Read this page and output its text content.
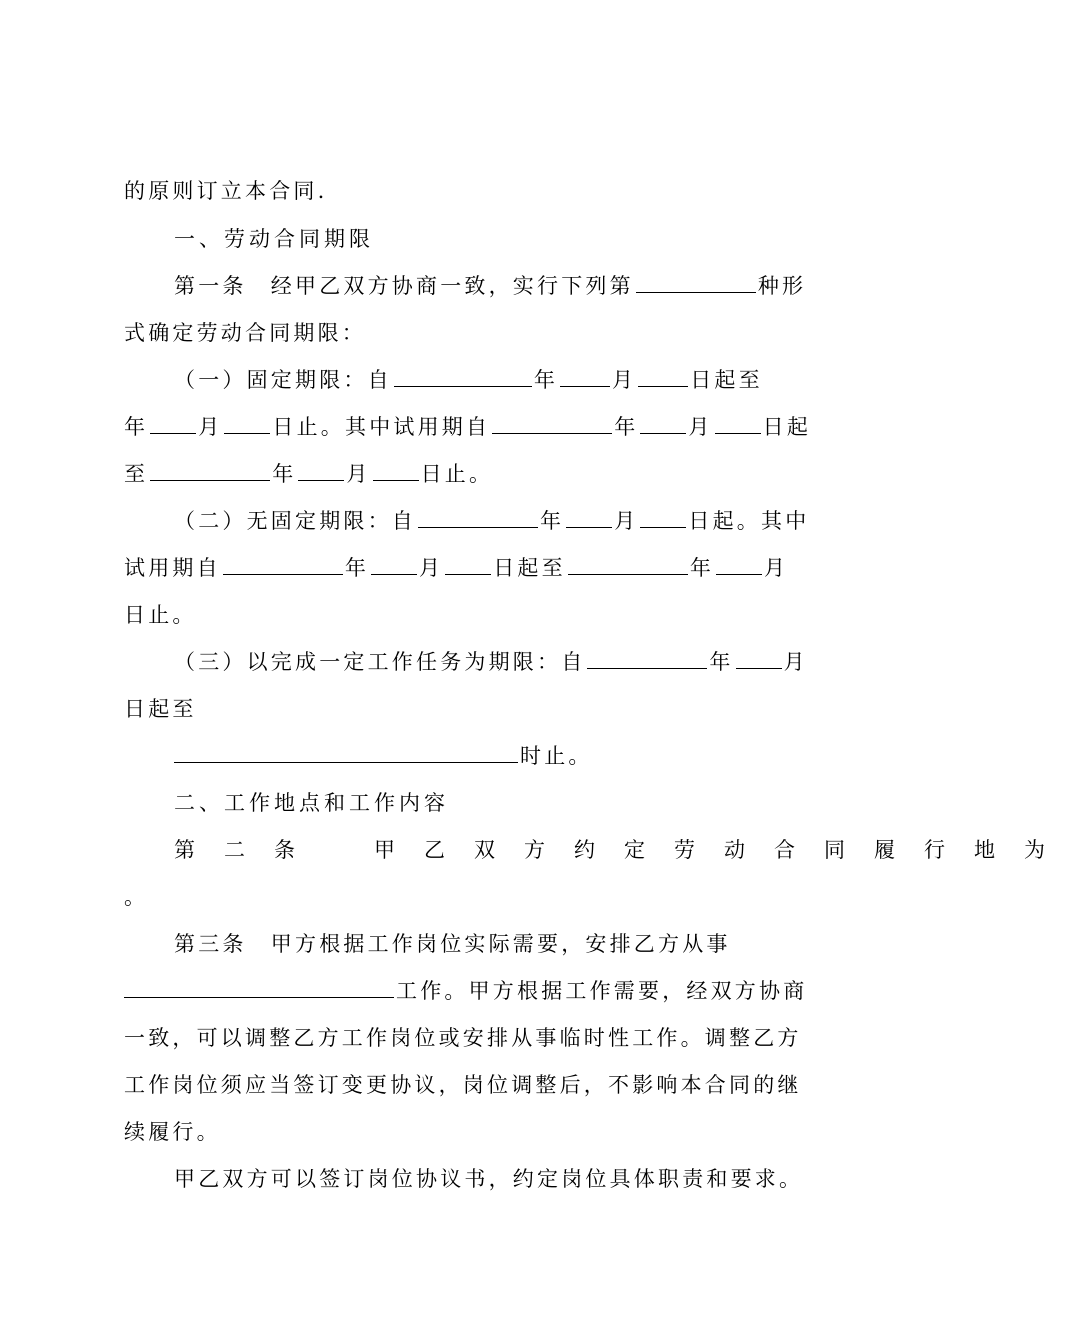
的原则订立本合同.
一、劳动合同期限
第一条　经甲乙双方协商一致，实行下列第	种形
式确定劳动合同期限：
（一）固定期限：自	年	月	日起至
年 月 日止。其中试用期自	年 月 日起
至	年 月 日止。
（二）无固定期限：自	年 月 日起。其中
试用期自	年 月 日起至	年 月
日止。
（三）以完成一定工作任务为期限：自	年 月
日起至
时止。
二、工作地点和工作内容
第二条　甲乙双方约定劳动合同履行地为
。
第三条　甲方根据工作岗位实际需要，安排乙方从事
工作。甲方根据工作需要，经双方协商
一致，可以调整乙方工作岗位或安排从事临时性工作。调整乙方
工作岗位须应当签订变更协议，岗位调整后，不影响本合同的继
续履行。
甲乙双方可以签订岗位协议书，约定岗位具体职责和要求。
